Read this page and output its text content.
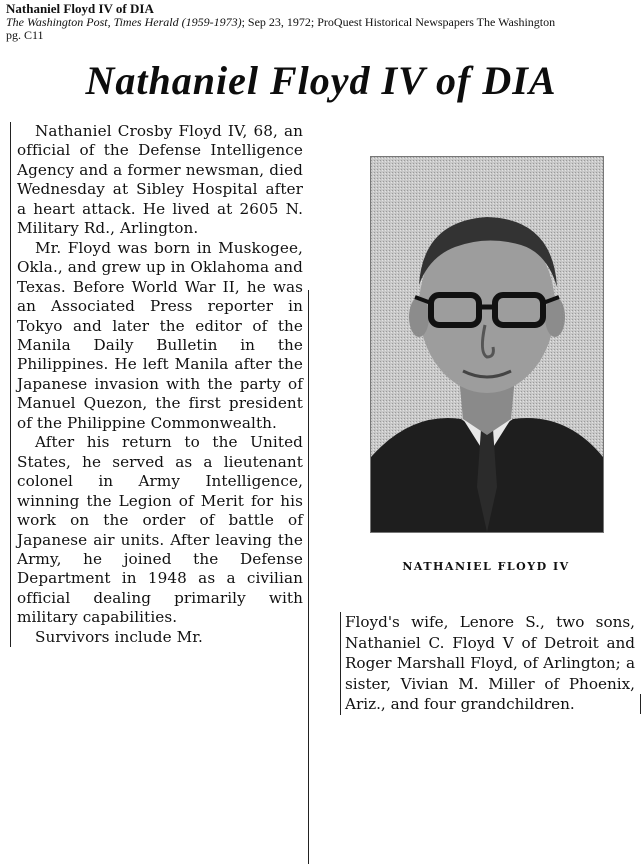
Nathaniel Floyd IV of DIA
The Washington Post, Times Herald (1959-1973); Sep 23, 1972; ProQuest Historical Newspapers The Washington
pg. C11
Nathaniel Floyd IV of DIA

Nathaniel Crosby Floyd IV, 68, an official of the Defense Intelligence Agency and a former newsman, died Wednesday at Sibley Hospital after a heart attack. He lived at 2605 N. Military Rd., Arlington.

Mr. Floyd was born in Muskogee, Okla., and grew up in Oklahoma and Texas. Before World War II, he was an Associated Press reporter in Tokyo and later the editor of the Manila Daily Bulletin in the Philippines. He left Manila after the Japanese invasion with the party of Manuel Quezon, the first president of the Philippine Commonwealth.

After his return to the United States, he served as a lieutenant colonel in Army Intelligence, winning the Legion of Merit for his work on the order of battle of Japanese air units. After leaving the Army, he joined the Defense Department in 1948 as a civilian official dealing primarily with military capabilities.

Survivors include Mr.

NATHANIEL FLOYD IV

Floyd's wife, Lenore S., two sons, Nathaniel C. Floyd V of Detroit and Roger Marshall Floyd, of Arlington; a sister, Vivian M. Miller of Phoenix, Ariz., and four grandchildren.
